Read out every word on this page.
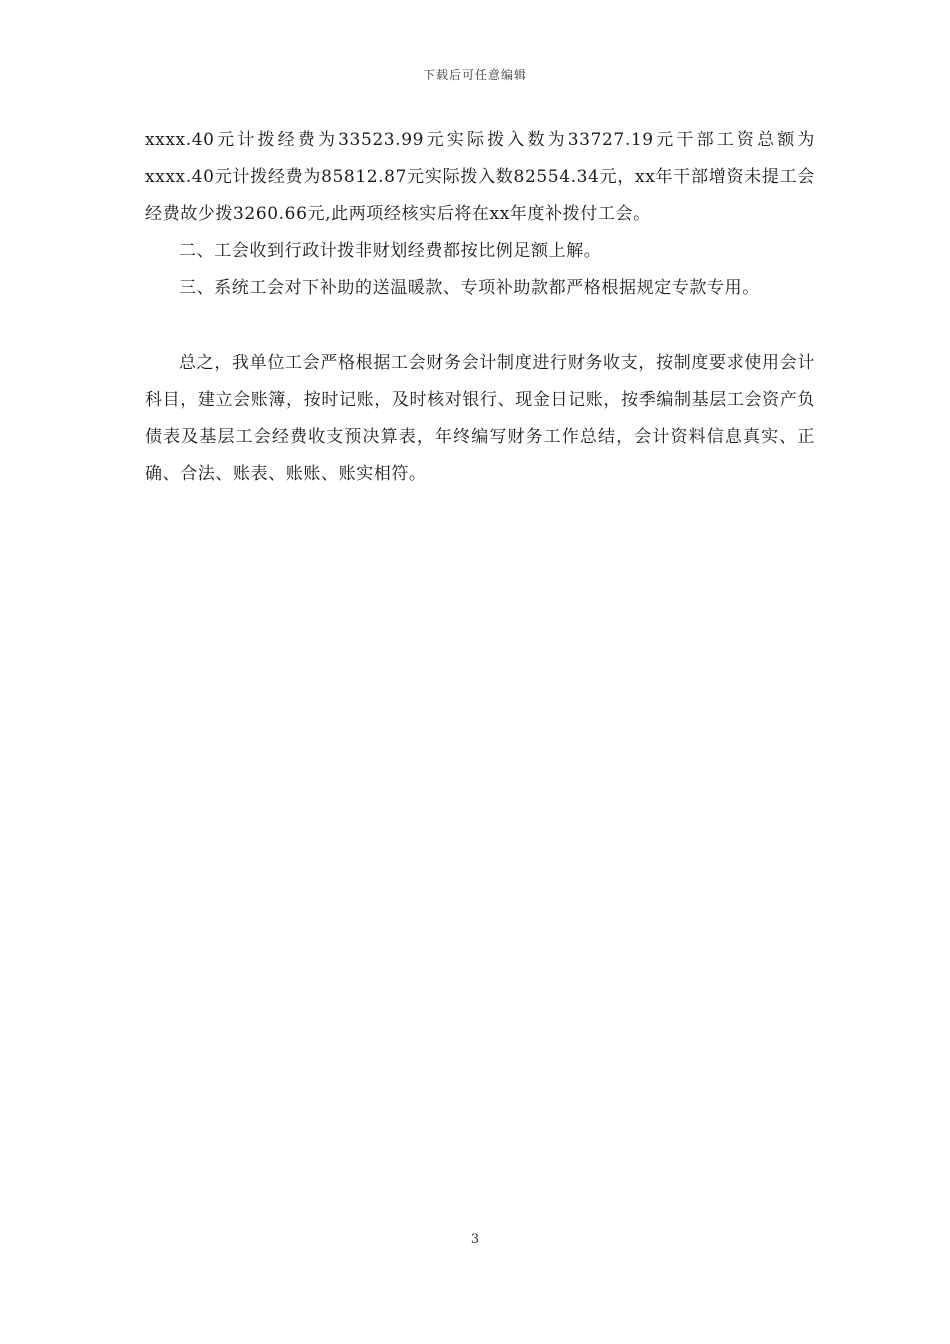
下载后可任意编辑

xxxx.40元计拨经费为33523.99元实际拨入数为33727.19元干部工资总额为xxxx.40元计拨经费为85812.87元实际拨入数82554.34元，xx年干部增资未提工会经费故少拨3260.66元,此两项经核实后将在xx年度补拨付工会。

二、工会收到行政计拨非财划经费都按比例足额上解。

三、系统工会对下补助的送温暖款、专项补助款都严格根据规定专款专用。

总之，我单位工会严格根据工会财务会计制度进行财务收支，按制度要求使用会计科目，建立会账簿，按时记账，及时核对银行、现金日记账，按季编制基层工会资产负债表及基层工会经费收支预决算表，年终编写财务工作总结，会计资料信息真实、正确、合法、账表、账账、账实相符。

3
